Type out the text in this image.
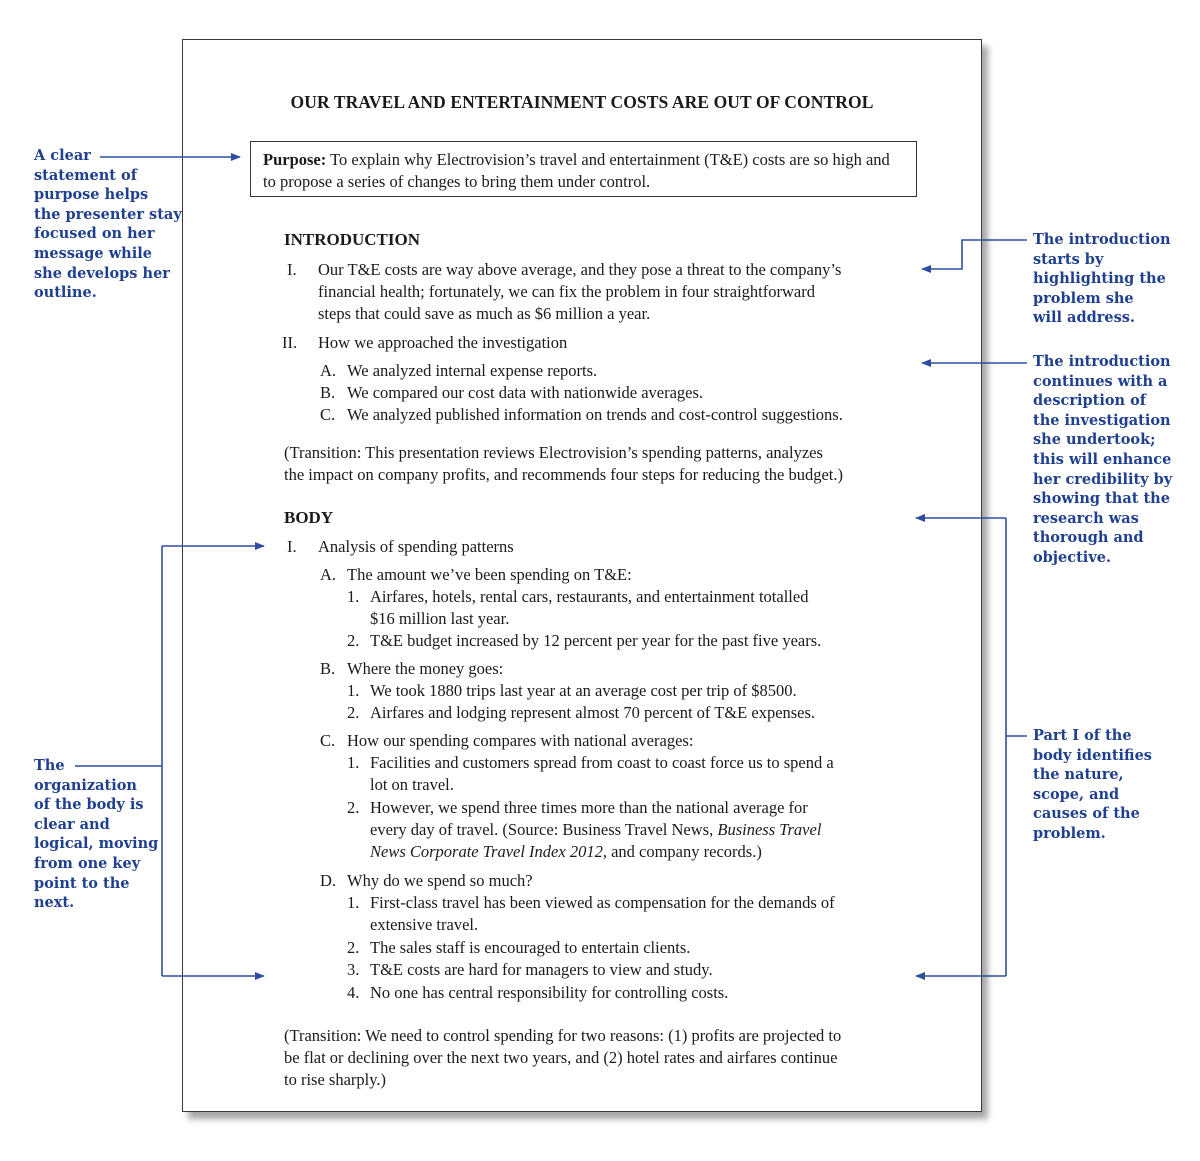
OUR TRAVEL AND ENTERTAINMENT COSTS ARE OUT OF CONTROL
Purpose: To explain why Electrovision’s travel and entertainment (T&E) costs are so high and to propose a series of changes to bring them under control.
INTRODUCTION
I. Our T&E costs are way above average, and they pose a threat to the company’s
financial health; fortunately, we can fix the problem in four straightforward
steps that could save as much as $6 million a year.
II. How we approached the investigation
A. We analyzed internal expense reports.
B. We compared our cost data with nationwide averages.
C. We analyzed published information on trends and cost-control suggestions.
(Transition: This presentation reviews Electrovision’s spending patterns, analyzes
the impact on company profits, and recommends four steps for reducing the budget.)
BODY
I. Analysis of spending patterns
A. The amount we’ve been spending on T&E:
1. Airfares, hotels, rental cars, restaurants, and entertainment totalled
$16 million last year.
2. T&E budget increased by 12 percent per year for the past five years.
B. Where the money goes:
1. We took 1880 trips last year at an average cost per trip of $8500.
2. Airfares and lodging represent almost 70 percent of T&E expenses.
C. How our spending compares with national averages:
1. Facilities and customers spread from coast to coast force us to spend a
lot on travel.
2. However, we spend three times more than the national average for
every day of travel. (Source: Business Travel News, Business Travel
News Corporate Travel Index 2012, and company records.)
D. Why do we spend so much?
1. First-class travel has been viewed as compensation for the demands of
extensive travel.
2. The sales staff is encouraged to entertain clients.
3. T&E costs are hard for managers to view and study.
4. No one has central responsibility for controlling costs.
(Transition: We need to control spending for two reasons: (1) profits are projected to
be flat or declining over the next two years, and (2) hotel rates and airfares continue
to rise sharply.)
A clear
statement of
purpose helps
the presenter stay
focused on her
message while
she develops her
outline.
The
organization
of the body is
clear and
logical, moving
from one key
point to the
next.
The introduction
starts by
highlighting the
problem she
will address.
The introduction
continues with a
description of
the investigation
she undertook;
this will enhance
her credibility by
showing that the
research was
thorough and
objective.
Part I of the
body identifies
the nature,
scope, and
causes of the
problem.
